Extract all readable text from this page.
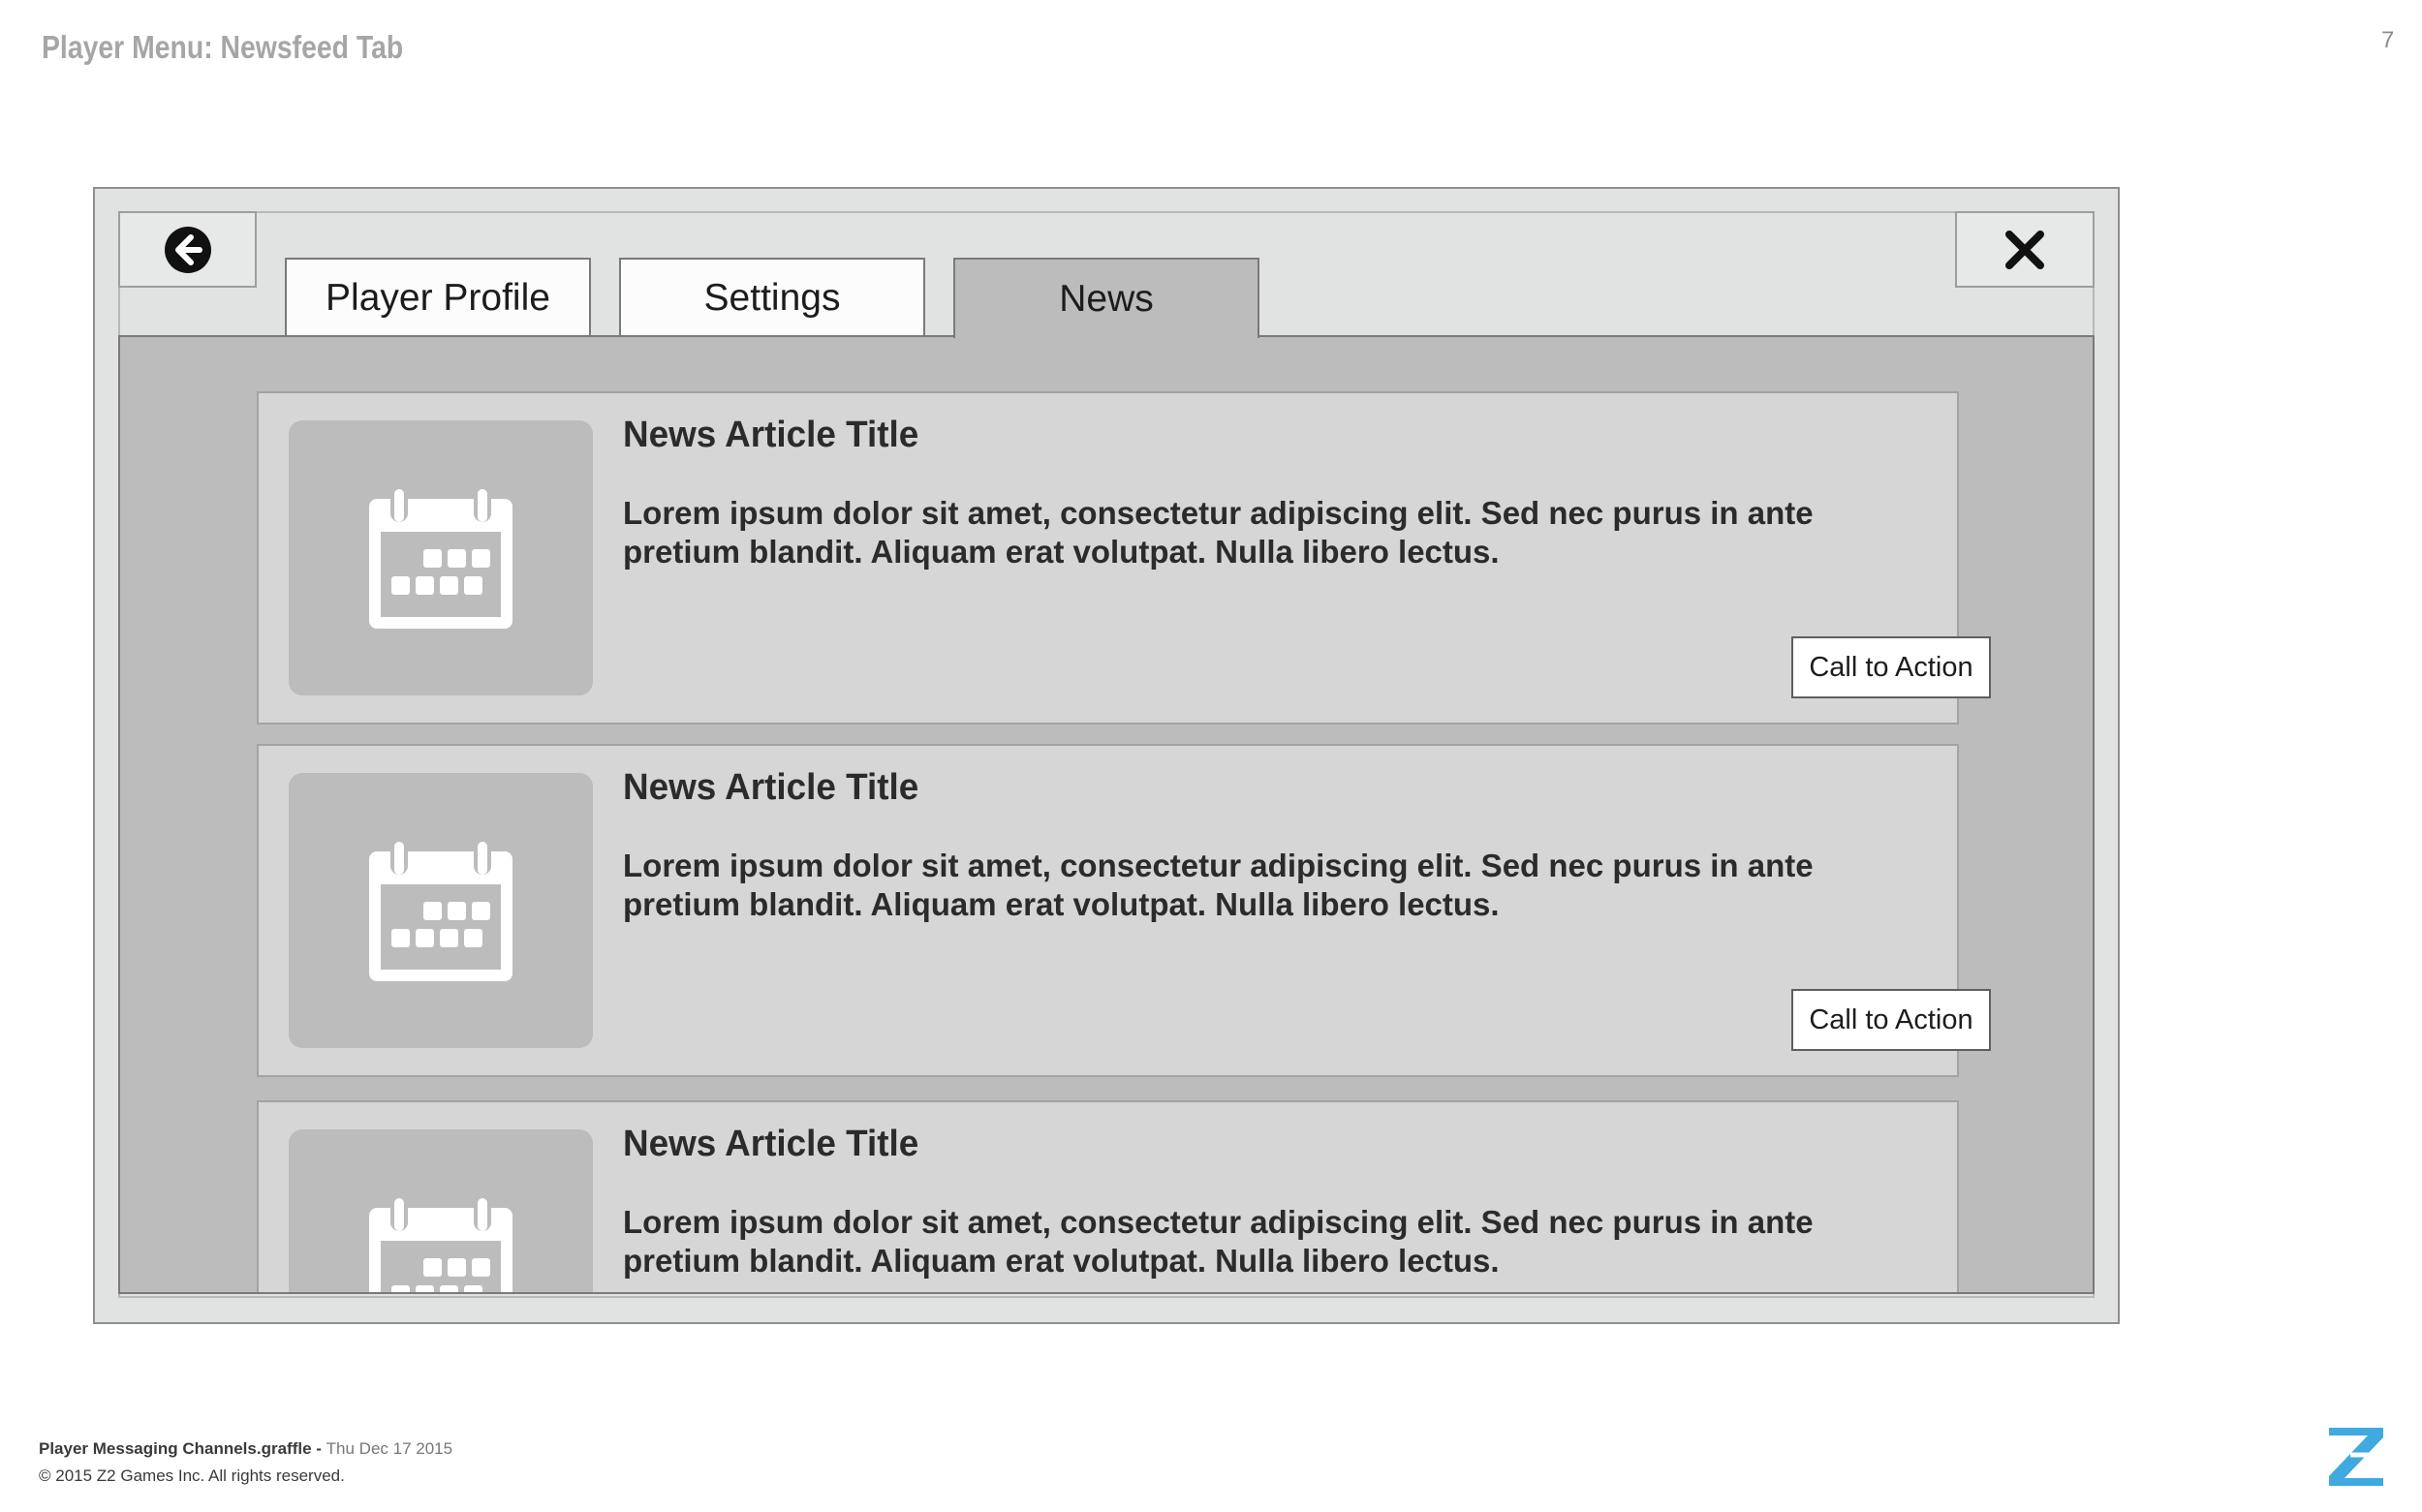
Player Menu: Newsfeed Tab	7
Player Profile	Settings	News
News Article Title
Lorem ipsum dolor sit amet, consectetur adipiscing elit. Sed nec purus in ante pretium blandit. Aliquam erat volutpat. Nulla libero lectus.
Call to Action
News Article Title
Lorem ipsum dolor sit amet, consectetur adipiscing elit. Sed nec purus in ante pretium blandit. Aliquam erat volutpat. Nulla libero lectus.
Call to Action
News Article Title
Lorem ipsum dolor sit amet, consectetur adipiscing elit. Sed nec purus in ante pretium blandit. Aliquam erat volutpat. Nulla libero lectus.
Player Messaging Channels.graffle - Thu Dec 17 2015
© 2015 Z2 Games Inc. All rights reserved.
